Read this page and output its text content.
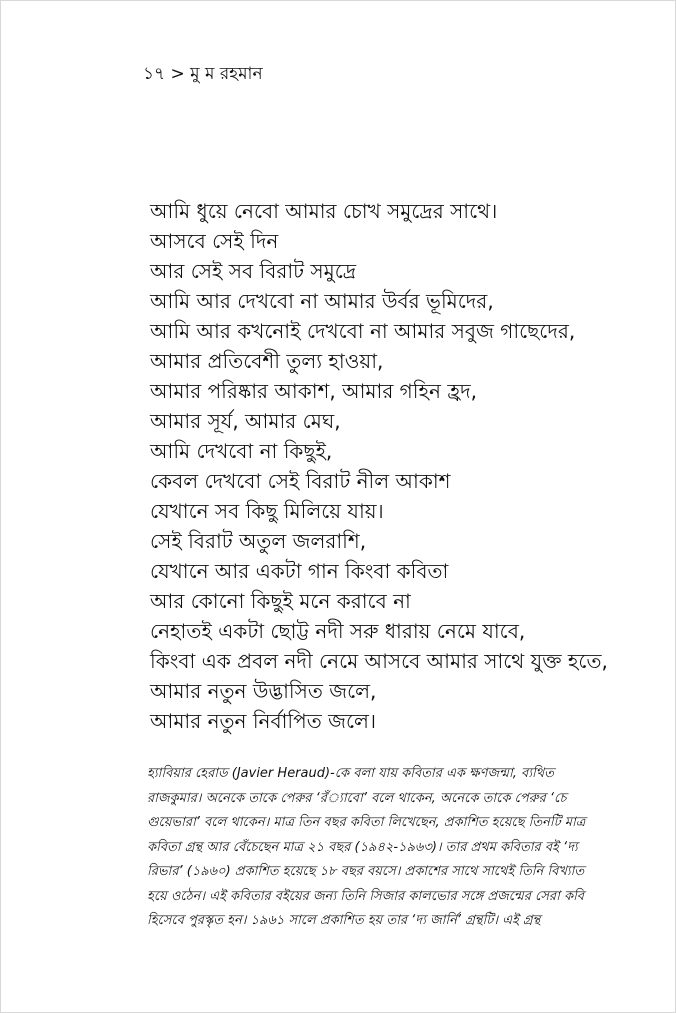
১৭ > মু ম রহমান
আমি ধুয়ে নেবো আমার চোখ সমুদ্রের সাথে।
আসবে সেই দিন
আর সেই সব বিরাট সমুদ্রে
আমি আর দেখবো না আমার উর্বর ভূমিদের,
আমি আর কখনোই দেখবো না আমার সবুজ গাছেদের,
আমার প্রতিবেশী তুল্য হাওয়া,
আমার পরিষ্কার আকাশ, আমার গহিন হ্রদ,
আমার সূর্য, আমার মেঘ,
আমি দেখবো না কিছুই,
কেবল দেখবো সেই বিরাট নীল আকাশ
যেখানে সব কিছু মিলিয়ে যায়।
সেই বিরাট অতুল জলরাশি,
যেখানে আর একটা গান কিংবা কবিতা
আর কোনো কিছুই মনে করাবে না
নেহাতই একটা ছোট্ট নদী সরু ধারায় নেমে যাবে,
কিংবা এক প্রবল নদী নেমে আসবে আমার সাথে যুক্ত হতে,
আমার নতুন উদ্ভাসিত জলে,
আমার নতুন নির্বাপিত জলে।
হ্যাবিয়ার হেরাড (Javier Heraud)-কে বলা যায় কবিতার এক ক্ষণজন্মা, ব্যথিত
রাজকুমার। অনেকে তাকে পেরুর ‘রঁ্যাবো’ বলে থাকেন, অনেকে তাকে পেরুর ‘চে
গুয়েভারা’ বলে থাকেন। মাত্র তিন বছর কবিতা লিখেছেন, প্রকাশিত হয়েছে তিনটি মাত্র
কবিতা গ্রন্থ আর বেঁচেছেন মাত্র ২১ বছর (১৯৪২-১৯৬৩)। তার প্রথম কবিতার বই ‘দ্য
রিভার’ (১৯৬০) প্রকাশিত হয়েছে ১৮ বছর বয়সে। প্রকাশের সাথে সাথেই তিনি বিখ্যাত
হয়ে ওঠেন। এই কবিতার বইয়ের জন্য তিনি সিজার কালভোর সঙ্গে প্রজন্মের সেরা কবি
হিসেবে পুরস্কৃত হন। ১৯৬১ সালে প্রকাশিত হয় তার ‘দ্য জার্নি’ গ্রন্থটি। এই গ্রন্থ
